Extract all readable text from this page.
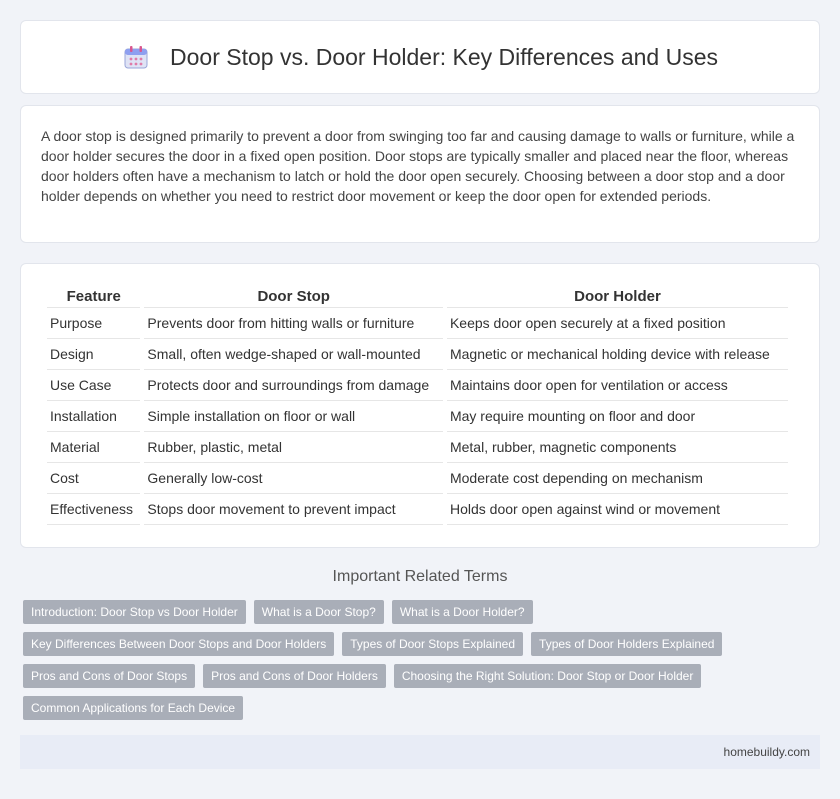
Door Stop vs. Door Holder: Key Differences and Uses

A door stop is designed primarily to prevent a door from swinging too far and causing damage to walls or furniture, while a door holder secures the door in a fixed open position. Door stops are typically smaller and placed near the floor, whereas door holders often have a mechanism to latch or hold the door open securely. Choosing between a door stop and a door holder depends on whether you need to restrict door movement or keep the door open for extended periods.

Feature	Door Stop	Door Holder
Purpose	Prevents door from hitting walls or furniture	Keeps door open securely at a fixed position
Design	Small, often wedge-shaped or wall-mounted	Magnetic or mechanical holding device with release
Use Case	Protects door and surroundings from damage	Maintains door open for ventilation or access
Installation	Simple installation on floor or wall	May require mounting on floor and door
Material	Rubber, plastic, metal	Metal, rubber, magnetic components
Cost	Generally low-cost	Moderate cost depending on mechanism
Effectiveness	Stops door movement to prevent impact	Holds door open against wind or movement
Important Related Terms
Introduction: Door Stop vs Door Holder	What is a Door Stop?	What is a Door Holder?
Key Differences Between Door Stops and Door Holders	Types of Door Stops Explained	Types of Door Holders Explained
Pros and Cons of Door Stops	Pros and Cons of Door Holders	Choosing the Right Solution: Door Stop or Door Holder
Common Applications for Each Device
homebuildy.com
